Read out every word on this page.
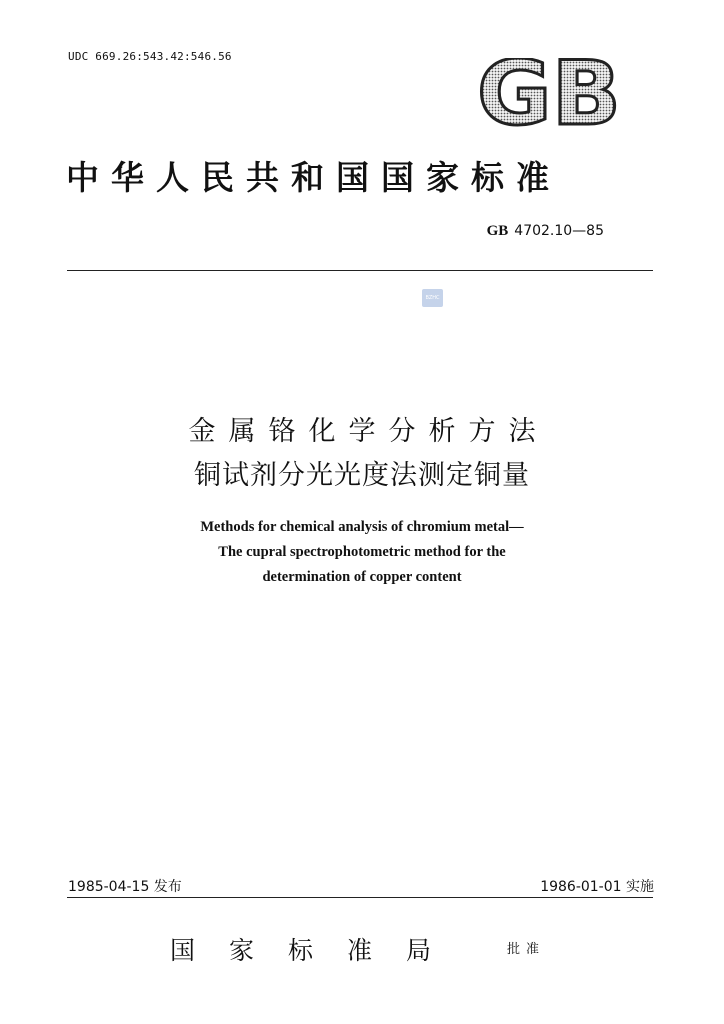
UDC 669.26:543.42:546.56	GB
中华人民共和国国家标准
GB 4702.10—85
BZHC
金属铬化学分析方法
铜试剂分光光度法测定铜量
Methods for chemical analysis of chromium metal—
The cupral spectrophotometric method for the
determination of copper content
1985-04-15 发布	1986-01-01 实施
国家标准局	批准
